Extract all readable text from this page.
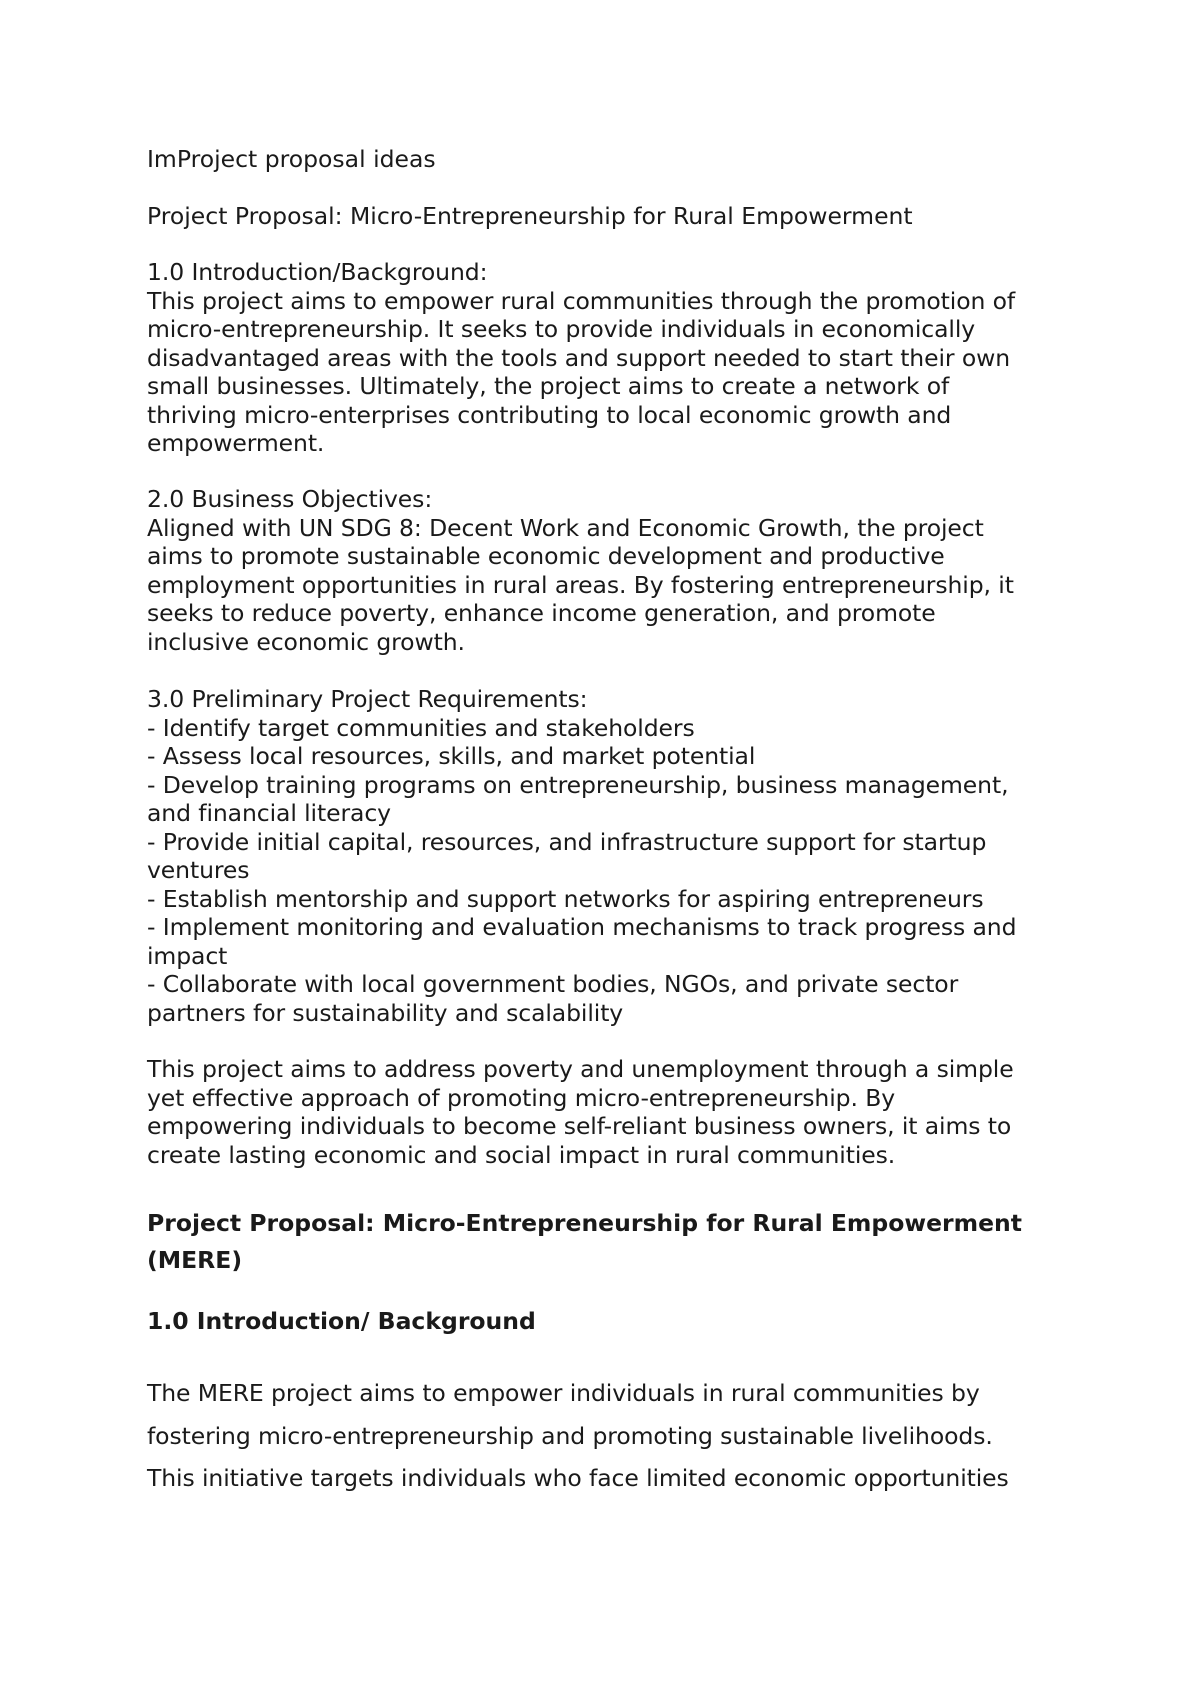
ImProject proposal ideas
Project Proposal: Micro-Entrepreneurship for Rural Empowerment
1.0 Introduction/Background:
This project aims to empower rural communities through the promotion of
micro-entrepreneurship. It seeks to provide individuals in economically
disadvantaged areas with the tools and support needed to start their own
small businesses. Ultimately, the project aims to create a network of
thriving micro-enterprises contributing to local economic growth and
empowerment.
2.0 Business Objectives:
Aligned with UN SDG 8: Decent Work and Economic Growth, the project
aims to promote sustainable economic development and productive
employment opportunities in rural areas. By fostering entrepreneurship, it
seeks to reduce poverty, enhance income generation, and promote
inclusive economic growth.
3.0 Preliminary Project Requirements:
- Identify target communities and stakeholders
- Assess local resources, skills, and market potential
- Develop training programs on entrepreneurship, business management,
and financial literacy
- Provide initial capital, resources, and infrastructure support for startup
ventures
- Establish mentorship and support networks for aspiring entrepreneurs
- Implement monitoring and evaluation mechanisms to track progress and
impact
- Collaborate with local government bodies, NGOs, and private sector
partners for sustainability and scalability
This project aims to address poverty and unemployment through a simple
yet effective approach of promoting micro-entrepreneurship. By
empowering individuals to become self-reliant business owners, it aims to
create lasting economic and social impact in rural communities.
Project Proposal: Micro-Entrepreneurship for Rural Empowerment
(MERE)
1.0 Introduction/ Background
The MERE project aims to empower individuals in rural communities by
fostering micro-entrepreneurship and promoting sustainable livelihoods.
This initiative targets individuals who face limited economic opportunities
